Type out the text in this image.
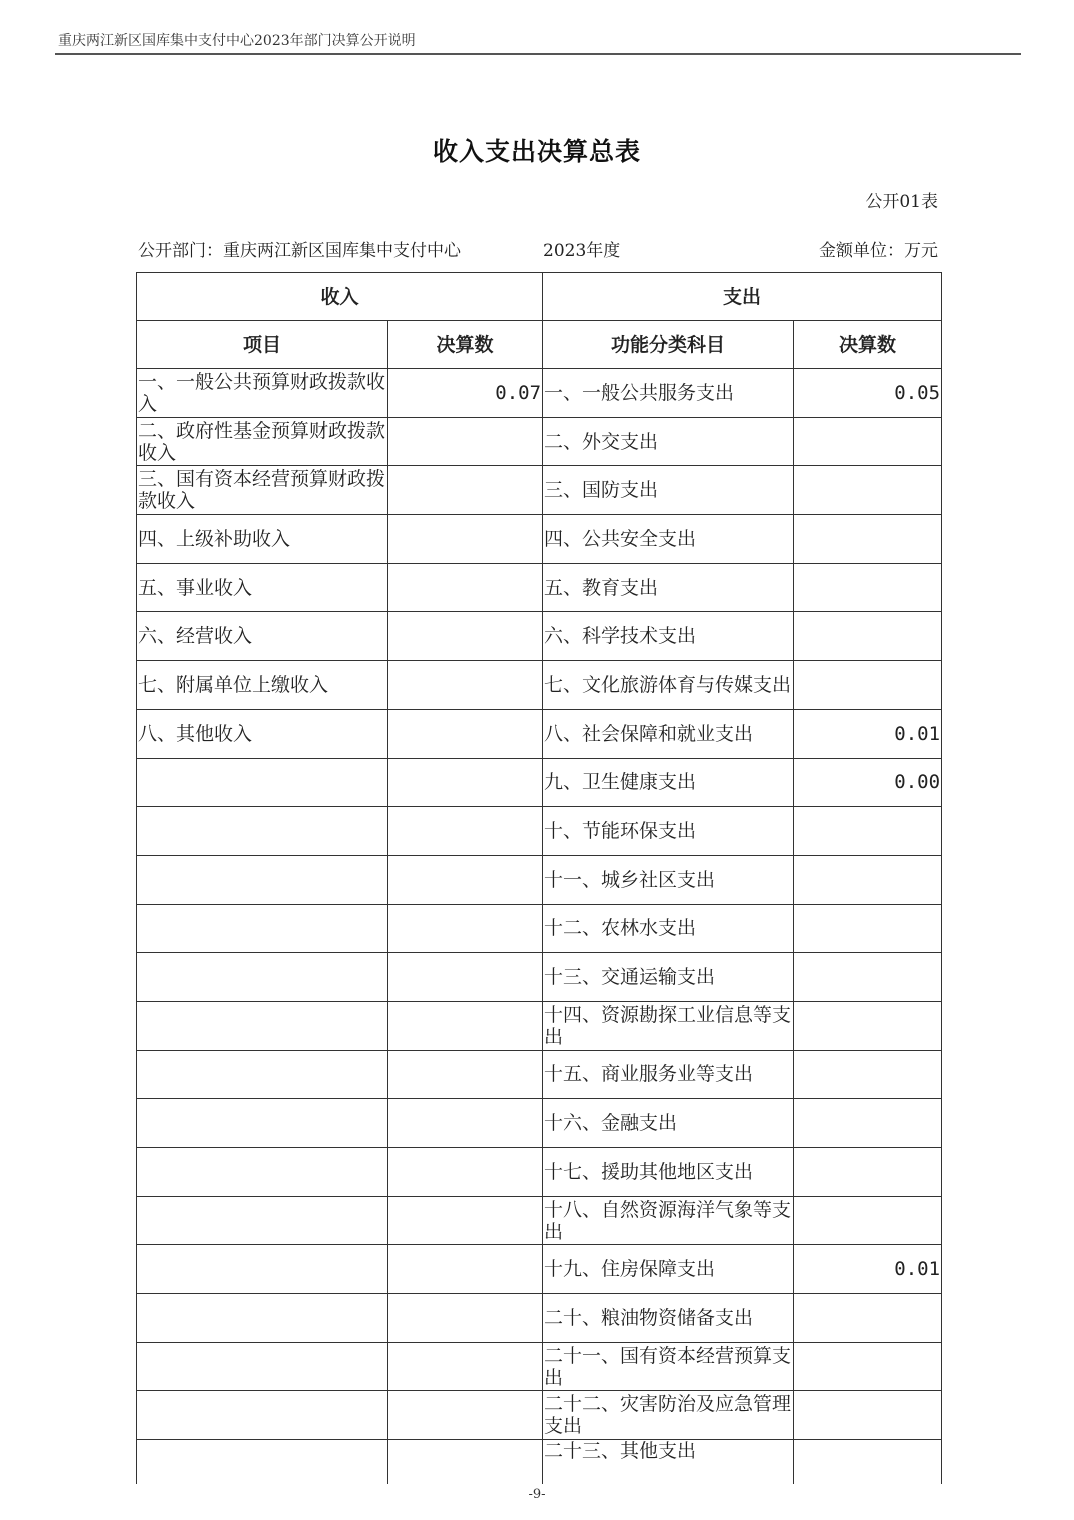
重庆两江新区国库集中支付中心2023年部门决算公开说明
收入支出决算总表
公开01表
公开部门：重庆两江新区国库集中支付中心	2023年度	金额单位：万元
收入		支出	
项目	决算数	功能分类科目	决算数
一、一般公共预算财政拨款收入	0.07	一、一般公共服务支出	0.05
二、政府性基金预算财政拨款收入		二、外交支出	
三、国有资本经营预算财政拨款收入		三、国防支出	
四、上级补助收入		四、公共安全支出	
五、事业收入		五、教育支出	
六、经营收入		六、科学技术支出	
七、附属单位上缴收入		七、文化旅游体育与传媒支出	
八、其他收入		八、社会保障和就业支出	0.01
		九、卫生健康支出	0.00
		十、节能环保支出	
		十一、城乡社区支出	
		十二、农林水支出	
		十三、交通运输支出	
		十四、资源勘探工业信息等支出	
		十五、商业服务业等支出	
		十六、金融支出	
		十七、援助其他地区支出	
		十八、自然资源海洋气象等支出	
		十九、住房保障支出	0.01
		二十、粮油物资储备支出	
		二十一、国有资本经营预算支出	
		二十二、灾害防治及应急管理支出	
		二十三、其他支出	
-9-
